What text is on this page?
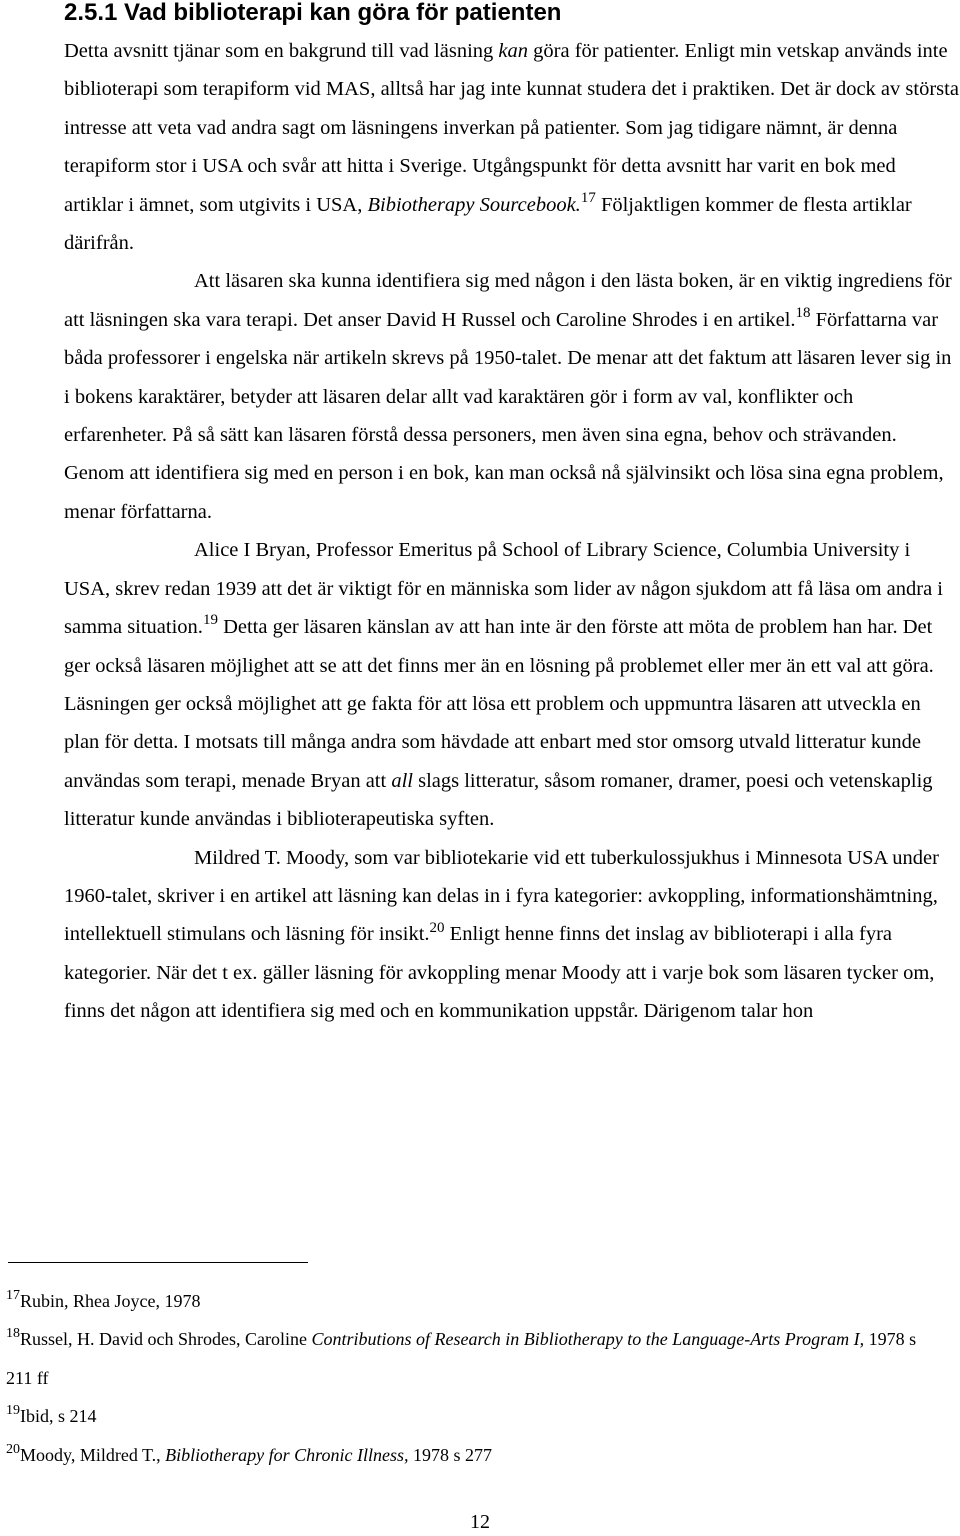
2.5.1 Vad biblioterapi kan göra för patienten

Detta avsnitt tjänar som en bakgrund till vad läsning kan göra för patienter. Enligt min vetskap används inte biblioterapi som terapiform vid MAS, alltså har jag inte kunnat studera det i praktiken. Det är dock av största intresse att veta vad andra sagt om läsningens inverkan på patienter. Som jag tidigare nämnt, är denna terapiform stor i USA och svår att hitta i Sverige. Utgångspunkt för detta avsnitt har varit en bok med artiklar i ämnet, som utgivits i USA, Bibiotherapy Sourcebook.$^{17}$ Följaktligen kommer de flesta artiklar därifrån.

Att läsaren ska kunna identifiera sig med någon i den lästa boken, är en viktig ingrediens för att läsningen ska vara terapi. Det anser David H Russel och Caroline Shrodes i en artikel.$^{18}$ Författarna var båda professorer i engelska när artikeln skrevs på 1950-talet. De menar att det faktum att läsaren lever sig in i bokens karaktärer, betyder att läsaren delar allt vad karaktären gör i form av val, konflikter och erfarenheter. På så sätt kan läsaren förstå dessa personers, men även sina egna, behov och strävanden. Genom att identifiera sig med en person i en bok, kan man också nå självinsikt och lösa sina egna problem, menar författarna.

Alice I Bryan, Professor Emeritus på School of Library Science, Columbia University i USA, skrev redan 1939 att det är viktigt för en människa som lider av någon sjukdom att få läsa om andra i samma situation.$^{19}$ Detta ger läsaren känslan av att han inte är den förste att möta de problem han har. Det ger också läsaren möjlighet att se att det finns mer än en lösning på problemet eller mer än ett val att göra. Läsningen ger också möjlighet att ge fakta för att lösa ett problem och uppmuntra läsaren att utveckla en plan för detta. I motsats till många andra som hävdade att enbart med stor omsorg utvald litteratur kunde användas som terapi, menade Bryan att all slags litteratur, såsom romaner, dramer, poesi och vetenskaplig litteratur kunde användas i biblioterapeutiska syften.

Mildred T. Moody, som var bibliotekarie vid ett tuberkulossjukhus i Minnesota USA under 1960-talet, skriver i en artikel att läsning kan delas in i fyra kategorier: avkoppling, informationshämtning, intellektuell stimulans och läsning för insikt.$^{20}$ Enligt henne finns det inslag av biblioterapi i alla fyra kategorier. När det t ex. gäller läsning för avkoppling menar Moody att i varje bok som läsaren tycker om, finns det någon att identifiera sig med och en kommunikation uppstår. Därigenom talar hon

$^{17}$Rubin, Rhea Joyce, 1978

$^{18}$Russel, H. David och Shrodes, Caroline Contributions of Research in Bibliotherapy to the Language-Arts Program I, 1978 s 211 ff

$^{19}$Ibid, s 214

$^{20}$Moody, Mildred T., Bibliotherapy for Chronic Illness, 1978 s 277

12
